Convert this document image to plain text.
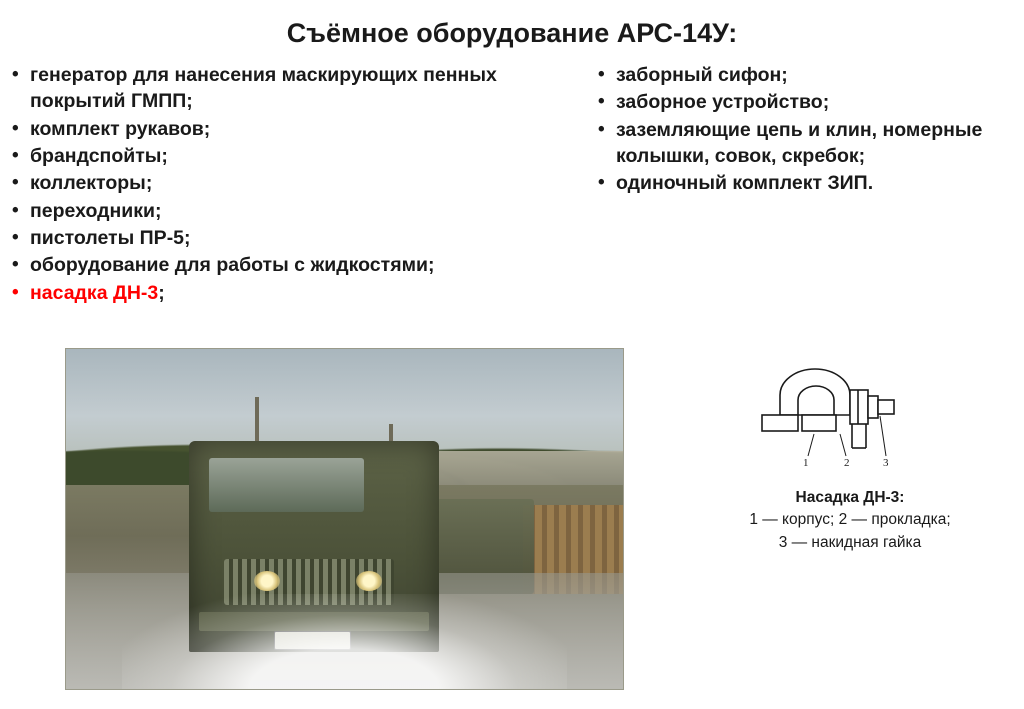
Съёмное оборудование АРС-14У:
• генератор для нанесения маскирующих пенных покрытий ГМПП;
• комплект рукавов;
• брандспойты;
• коллекторы;
• переходники;
• пистолеты ПР-5;
• оборудование для работы с жидкостями;
• насадка ДН-3;
• заборный сифон;
• заборное устройство;
• заземляющие цепь и клин, номерные колышки, совок, скребок;
• одиночный комплект ЗИП.
1	2	3
Насадка ДН-3:
1 — корпус; 2 — прокладка;
3 — накидная гайка
